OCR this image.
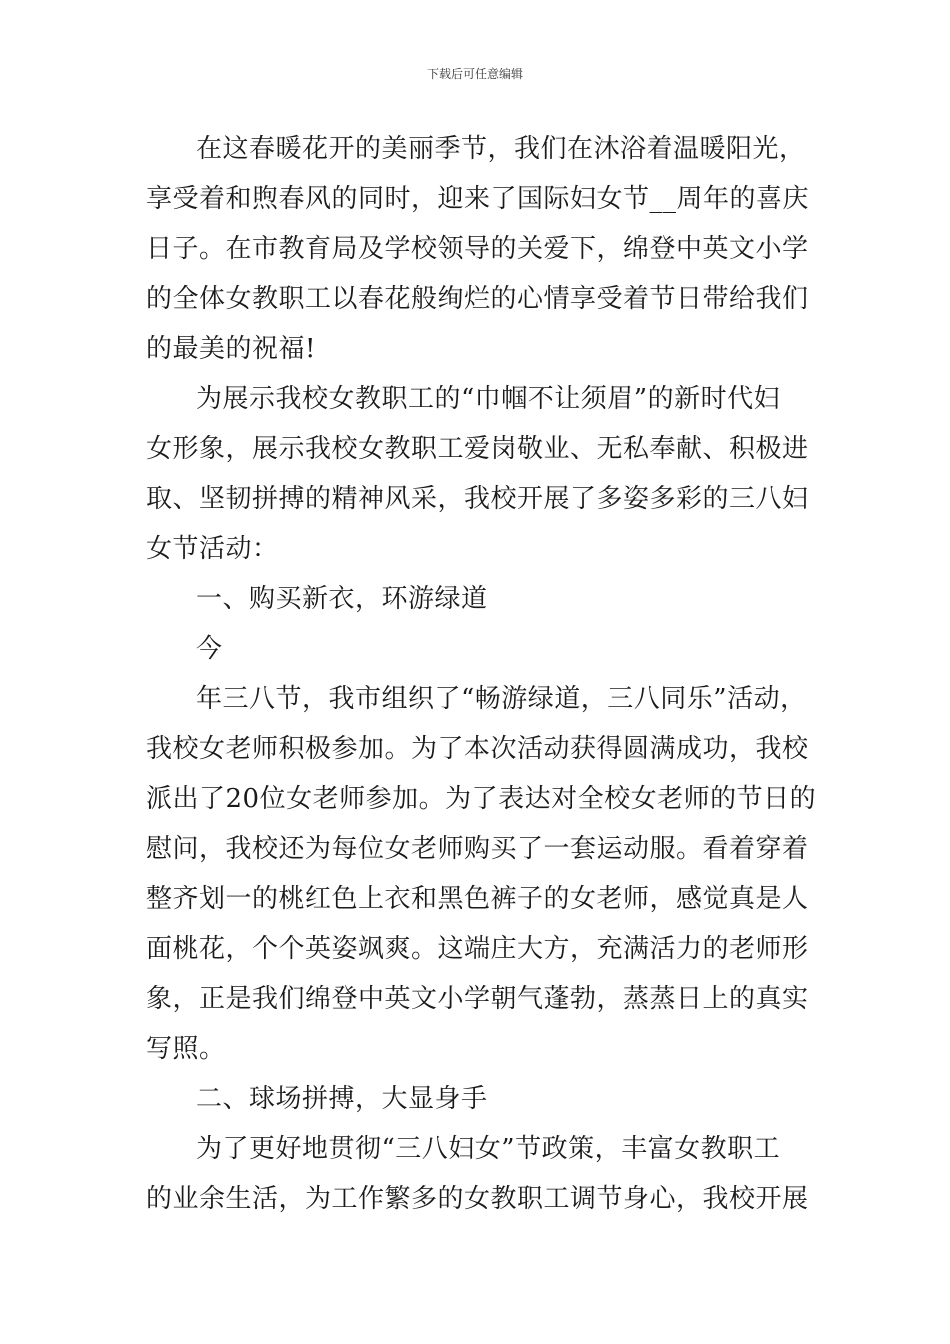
下载后可任意编辑
在这春暖花开的美丽季节，我们在沐浴着温暖阳光，
享受着和煦春风的同时，迎来了国际妇女节__周年的喜庆
日子。在市教育局及学校领导的关爱下，绵登中英文小学
的全体女教职工以春花般绚烂的心情享受着节日带给我们
的最美的祝福!
为展示我校女教职工的“巾帼不让须眉”的新时代妇
女形象，展示我校女教职工爱岗敬业、无私奉献、积极进
取、坚韧拼搏的精神风采，我校开展了多姿多彩的三八妇
女节活动：
一、购买新衣，环游绿道
今
年三八节，我市组织了“畅游绿道，三八同乐”活动，
我校女老师积极参加。为了本次活动获得圆满成功，我校
派出了20位女老师参加。为了表达对全校女老师的节日的
慰问，我校还为每位女老师购买了一套运动服。看着穿着
整齐划一的桃红色上衣和黑色裤子的女老师，感觉真是人
面桃花，个个英姿飒爽。这端庄大方，充满活力的老师形
象，正是我们绵登中英文小学朝气蓬勃，蒸蒸日上的真实
写照。
二、球场拼搏，大显身手
为了更好地贯彻“三八妇女”节政策，丰富女教职工
的业余生活，为工作繁多的女教职工调节身心，我校开展
